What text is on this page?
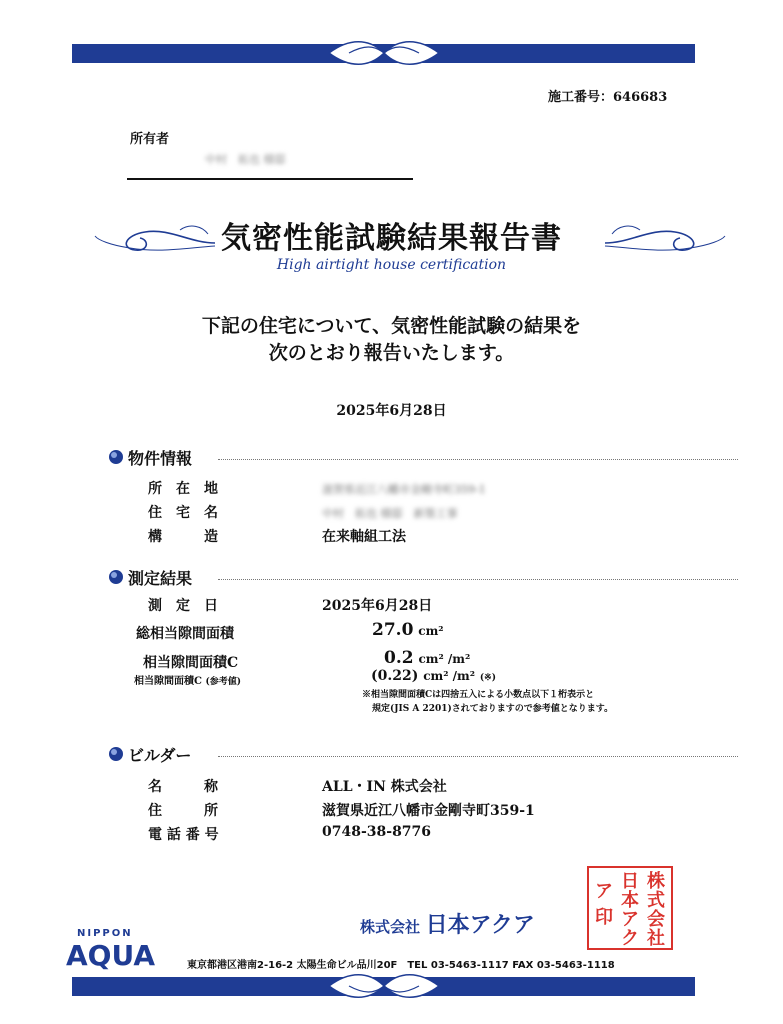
施工番号：646683
所有者
中村　拓也 様邸
気密性能試験結果報告書
High airtight house certification
下記の住宅について、気密性能試験の結果を
次のとおり報告いたします。
2025年6月28日
物件情報
所　在　地	滋賀県近江八幡市金剛寺町359-1
住　宅　名	中村　拓也 様邸　新築工事
構　　　造	在来軸組工法
測定結果
測　定　日	2025年6月28日
総相当隙間面積	27.0 cm²
相当隙間面積C	0.2 cm² /m²
相当隙間面積C (参考値)	(0.22) cm² /m² (※)
※相当隙間面積Cは四捨五入による小数点以下１桁表示と
規定(JIS A 2201)されておりますので参考値となります。
ビルダー
名　　　称	ALL・IN 株式会社
住　　　所	滋賀県近江八幡市金剛寺町359-1
電 話 番 号	0748-38-8776
NIPPON
AQUA
株式会社 日本アクア
株
式
会
社
日
本
ア
ク
ア
印
東京都港区港南2-16-2 太陽生命ビル品川20F　TEL 03-5463-1117 FAX 03-5463-1118
